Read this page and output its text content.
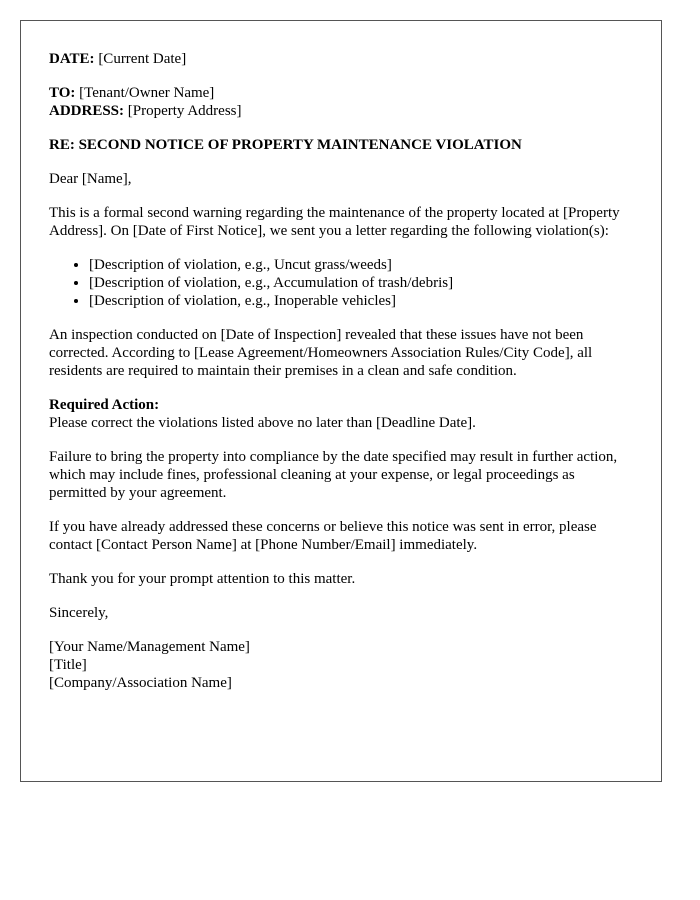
DATE: [Current Date]

TO: [Tenant/Owner Name]
ADDRESS: [Property Address]

RE: SECOND NOTICE OF PROPERTY MAINTENANCE VIOLATION

Dear [Name],

This is a formal second warning regarding the maintenance of the property located at [Property Address]. On [Date of First Notice], we sent you a letter regarding the following violation(s):

• [Description of violation, e.g., Uncut grass/weeds]
• [Description of violation, e.g., Accumulation of trash/debris]
• [Description of violation, e.g., Inoperable vehicles]

An inspection conducted on [Date of Inspection] revealed that these issues have not been corrected. According to [Lease Agreement/Homeowners Association Rules/City Code], all residents are required to maintain their premises in a clean and safe condition.

Required Action:
Please correct the violations listed above no later than [Deadline Date].

Failure to bring the property into compliance by the date specified may result in further action, which may include fines, professional cleaning at your expense, or legal proceedings as permitted by your agreement.

If you have already addressed these concerns or believe this notice was sent in error, please contact [Contact Person Name] at [Phone Number/Email] immediately.

Thank you for your prompt attention to this matter.

Sincerely,

[Your Name/Management Name]
[Title]
[Company/Association Name]
